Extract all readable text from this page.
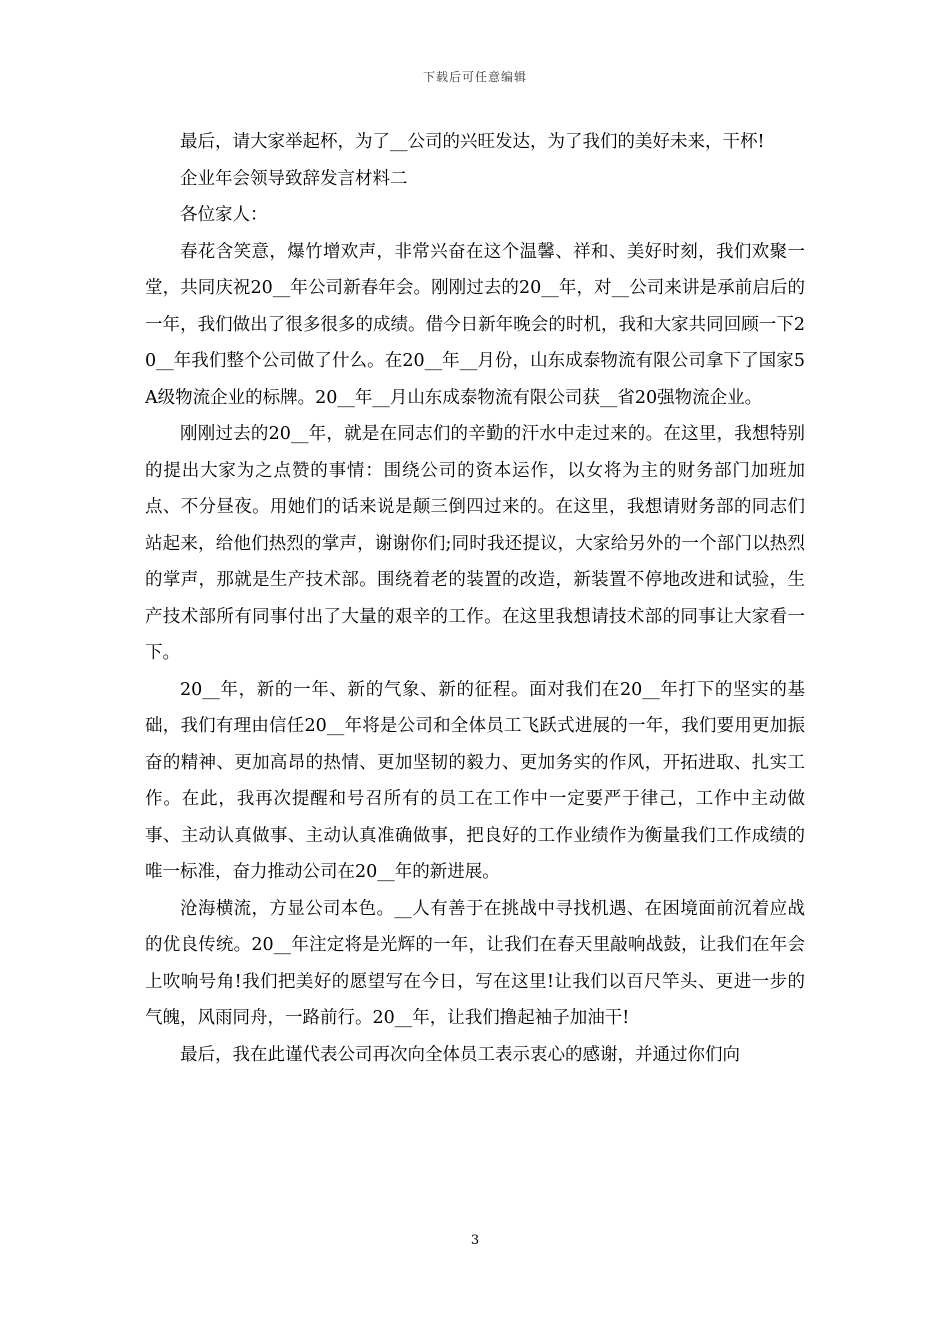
下载后可任意编辑

最后，请大家举起杯，为了__公司的兴旺发达，为了我们的美好未来，干杯!

企业年会领导致辞发言材料二

各位家人：

春花含笑意，爆竹增欢声，非常兴奋在这个温馨、祥和、美好时刻，我们欢聚一堂，共同庆祝20__年公司新春年会。刚刚过去的20__年，对__公司来讲是承前启后的一年，我们做出了很多很多的成绩。借今日新年晚会的时机，我和大家共同回顾一下20__年我们整个公司做了什么。在20__年__月份，山东成泰物流有限公司拿下了国家5A级物流企业的标牌。20__年__月山东成泰物流有限公司获__省20强物流企业。

刚刚过去的20__年，就是在同志们的辛勤的汗水中走过来的。在这里，我想特别的提出大家为之点赞的事情：围绕公司的资本运作，以女将为主的财务部门加班加点、不分昼夜。用她们的话来说是颠三倒四过来的。在这里，我想请财务部的同志们站起来，给他们热烈的掌声，谢谢你们;同时我还提议，大家给另外的一个部门以热烈的掌声，那就是生产技术部。围绕着老的装置的改造，新装置不停地改进和试验，生产技术部所有同事付出了大量的艰辛的工作。在这里我想请技术部的同事让大家看一下。

20__年，新的一年、新的气象、新的征程。面对我们在20__年打下的坚实的基础，我们有理由信任20__年将是公司和全体员工飞跃式进展的一年，我们要用更加振奋的精神、更加高昂的热情、更加坚韧的毅力、更加务实的作风，开拓进取、扎实工作。在此，我再次提醒和号召所有的员工在工作中一定要严于律己，工作中主动做事、主动认真做事、主动认真准确做事，把良好的工作业绩作为衡量我们工作成绩的唯一标准，奋力推动公司在20__年的新进展。

沧海横流，方显公司本色。__人有善于在挑战中寻找机遇、在困境面前沉着应战的优良传统。20__年注定将是光辉的一年，让我们在春天里敲响战鼓，让我们在年会上吹响号角!我们把美好的愿望写在今日，写在这里!让我们以百尺竿头、更进一步的气魄，风雨同舟，一路前行。20__年，让我们撸起袖子加油干!

最后，我在此谨代表公司再次向全体员工表示衷心的感谢，并通过你们向

3
